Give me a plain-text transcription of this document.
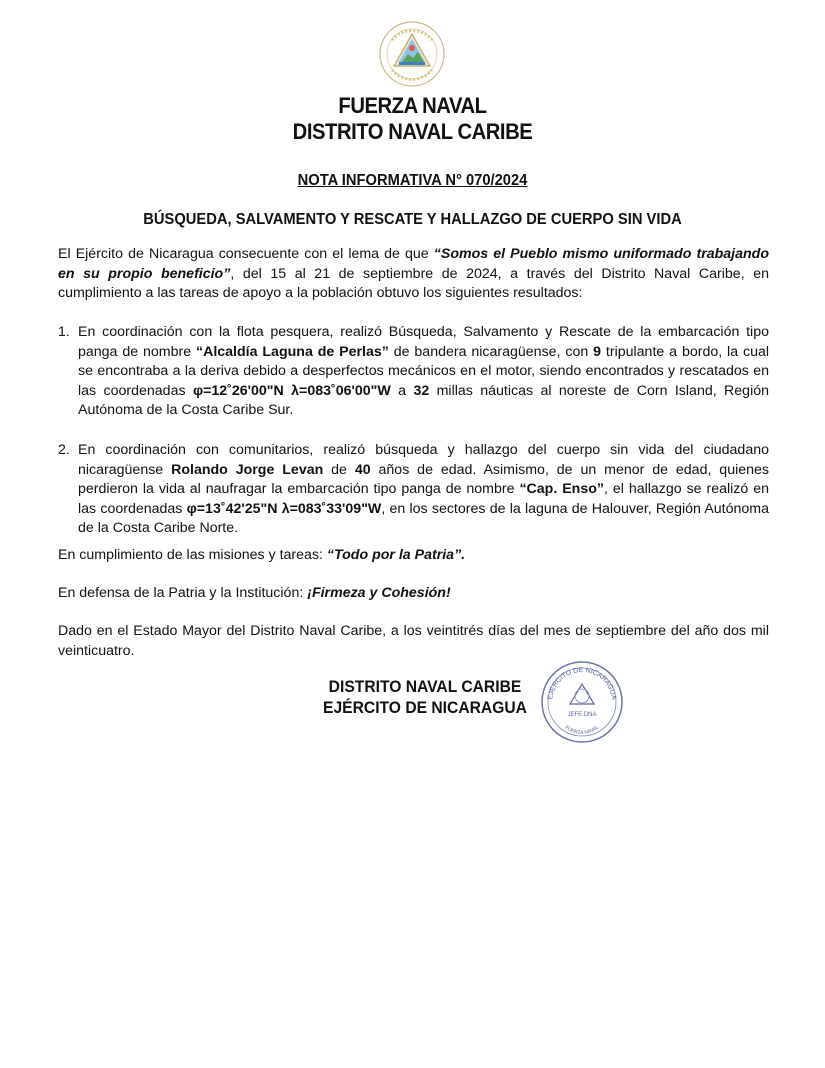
FUERZA NAVAL
DISTRITO NAVAL CARIBE
NOTA INFORMATIVA N° 070/2024
BÚSQUEDA, SALVAMENTO Y RESCATE Y HALLAZGO DE CUERPO SIN VIDA
El Ejército de Nicaragua consecuente con el lema de que “Somos el Pueblo mismo uniformado trabajando en su propio beneficio”, del 15 al 21 de septiembre de 2024, a través del Distrito Naval Caribe, en cumplimiento a las tareas de apoyo a la población obtuvo los siguientes resultados:
1. En coordinación con la flota pesquera, realizó Búsqueda, Salvamento y Rescate de la embarcación tipo panga de nombre “Alcaldía Laguna de Perlas” de bandera nicaragüense, con 9 tripulante a bordo, la cual se encontraba a la deriva debido a desperfectos mecánicos en el motor, siendo encontrados y rescatados en las coordenadas φ=12˚26'00"N λ=083˚06'00"W a 32 millas náuticas al noreste de Corn Island, Región Autónoma de la Costa Caribe Sur.
2. En coordinación con comunitarios, realizó búsqueda y hallazgo del cuerpo sin vida del ciudadano nicaragüense Rolando Jorge Levan de 40 años de edad. Asimismo, de un menor de edad, quienes perdieron la vida al naufragar la embarcación tipo panga de nombre “Cap. Enso”, el hallazgo se realizó en las coordenadas φ=13˚42'25"N λ=083˚33'09"W, en los sectores de la laguna de Halouver, Región Autónoma de la Costa Caribe Norte.
En cumplimiento de las misiones y tareas: “Todo por la Patria”.
En defensa de la Patria y la Institución: ¡Firmeza y Cohesión!
Dado en el Estado Mayor del Distrito Naval Caribe, a los veintitrés días del mes de septiembre del año dos mil veinticuatro.
DISTRITO NAVAL CARIBE
EJÉRCITO DE NICARAGUA
EJERCITO DE NICARAGUA
JEFE DNA
FUERZA NAVAL
